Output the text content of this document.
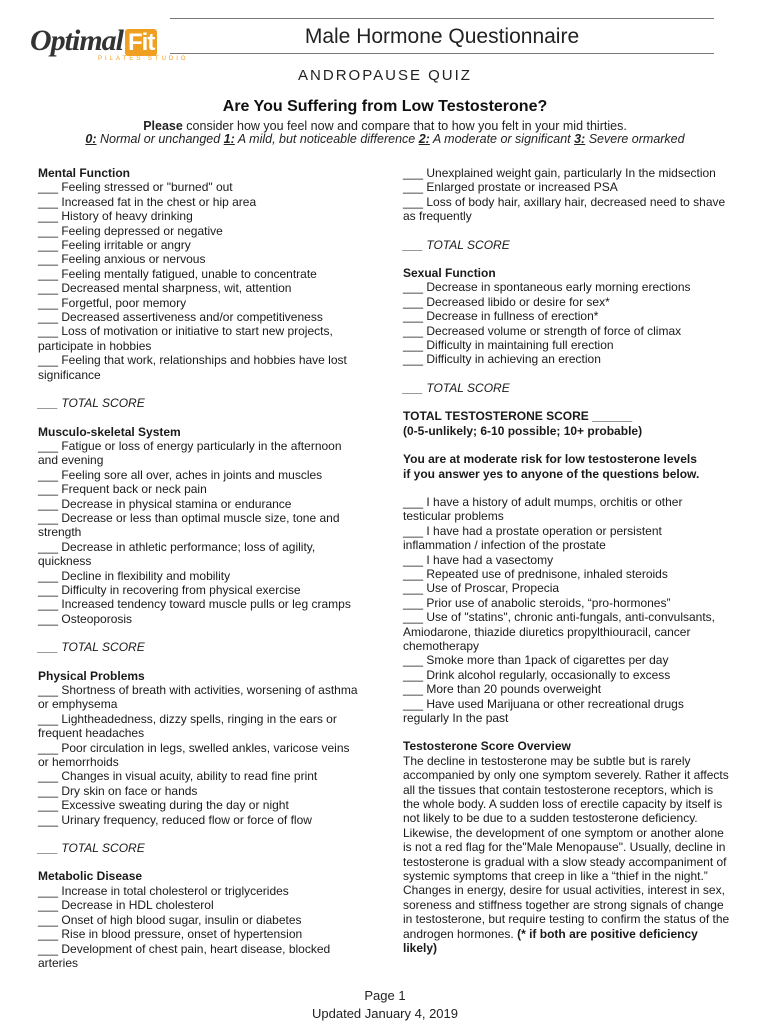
Optimal Fit
PILATES STUDIO
Male Hormone Questionnaire
ANDROPAUSE QUIZ
Are You Suffering from Low Testosterone?
Please consider how you feel now and compare that to how you felt in your mid thirties.
0: Normal or unchanged 1: A mild, but noticeable difference 2: A moderate or significant 3: Severe ormarked

Mental Function

___ Feeling stressed or "burned" out

___ Increased fat in the chest or hip area

___ History of heavy drinking

___ Feeling depressed or negative

___ Feeling irritable or angry

___ Feeling anxious or nervous

___ Feeling mentally fatigued, unable to concentrate

___ Decreased mental sharpness, wit, attention

___ Forgetful, poor memory

___ Decreased assertiveness and/or competitiveness

___ Loss of motivation or initiative to start new projects, participate in hobbies

___ Feeling that work, relationships and hobbies have lost significance

___ TOTAL SCORE

Musculo-skeletal System

___ Fatigue or loss of energy particularly in the afternoon and evening

___ Feeling sore all over, aches in joints and muscles

___ Frequent back or neck pain

___ Decrease in physical stamina or endurance

___ Decrease or less than optimal muscle size, tone and strength

___ Decrease in athletic performance; loss of agility, quickness

___ Decline in flexibility and mobility

___ Difficulty in recovering from physical exercise

___ Increased tendency toward muscle pulls or leg cramps

___ Osteoporosis

___ TOTAL SCORE

Physical Problems

___ Shortness of breath with activities, worsening of asthma or emphysema

___ Lightheadedness, dizzy spells, ringing in the ears or frequent headaches

___ Poor circulation in legs, swelled ankles, varicose veins or hemorrhoids

___ Changes in visual acuity, ability to read fine print

___ Dry skin on face or hands

___ Excessive sweating during the day or night

___ Urinary frequency, reduced flow or force of flow

___ TOTAL SCORE

Metabolic Disease

___ Increase in total cholesterol or triglycerides

___ Decrease in HDL cholesterol

___ Onset of high blood sugar, insulin or diabetes

___ Rise in blood pressure, onset of hypertension

___ Development of chest pain, heart disease, blocked arteries

___ Unexplained weight gain, particularly In the midsection

___ Enlarged prostate or increased PSA

___ Loss of body hair, axillary hair, decreased need to shave as frequently

___ TOTAL SCORE

Sexual Function

___ Decrease in spontaneous early morning erections

___ Decreased libido or desire for sex*

___ Decrease in fullness of erection*

___ Decreased volume or strength of force of climax

___ Difficulty in maintaining full erection

___ Difficulty in achieving an erection

___ TOTAL SCORE

TOTAL TESTOSTERONE SCORE ______

(0-5-unlikely; 6-10 possible; 10+ probable)

You are at moderate risk for low testosterone levels

if you answer yes to anyone of the questions below.

___ I have a history of adult mumps, orchitis or other testicular problems

___ I have had a prostate operation or persistent inflammation / infection of the prostate

___ I have had a vasectomy

___ Repeated use of prednisone, inhaled steroids

___ Use of Proscar, Propecia

___ Prior use of anabolic steroids, “pro-hormones”

___ Use of "statins", chronic anti-fungals, anti-convulsants, Amiodarone, thiazide diuretics propylthiouracil, cancer chemotherapy

___ Smoke more than 1pack of cigarettes per day

___ Drink alcohol regularly, occasionally to excess

___ More than 20 pounds overweight

___ Have used Marijuana or other recreational drugs regularly In the past

Testosterone Score Overview

The decline in testosterone may be subtle but is rarely accompanied by only one symptom severely. Rather it affects all the tissues that contain testosterone receptors, which is the whole body. A sudden loss of erectile capacity by itself is not likely to be due to a sudden testosterone deficiency. Likewise, the development of one symptom or another alone is not a red flag for the"Male Menopause". Usually, decline in testosterone is gradual with a slow steady accompaniment of systemic symptoms that creep in like a “thief in the night.” Changes in energy, desire for usual activities, interest in sex, soreness and stiffness together are strong signals of change in testosterone, but require testing to confirm the status of the androgen hormones. (* if both are positive deficiency likely)

Page 1
Updated January 4, 2019
